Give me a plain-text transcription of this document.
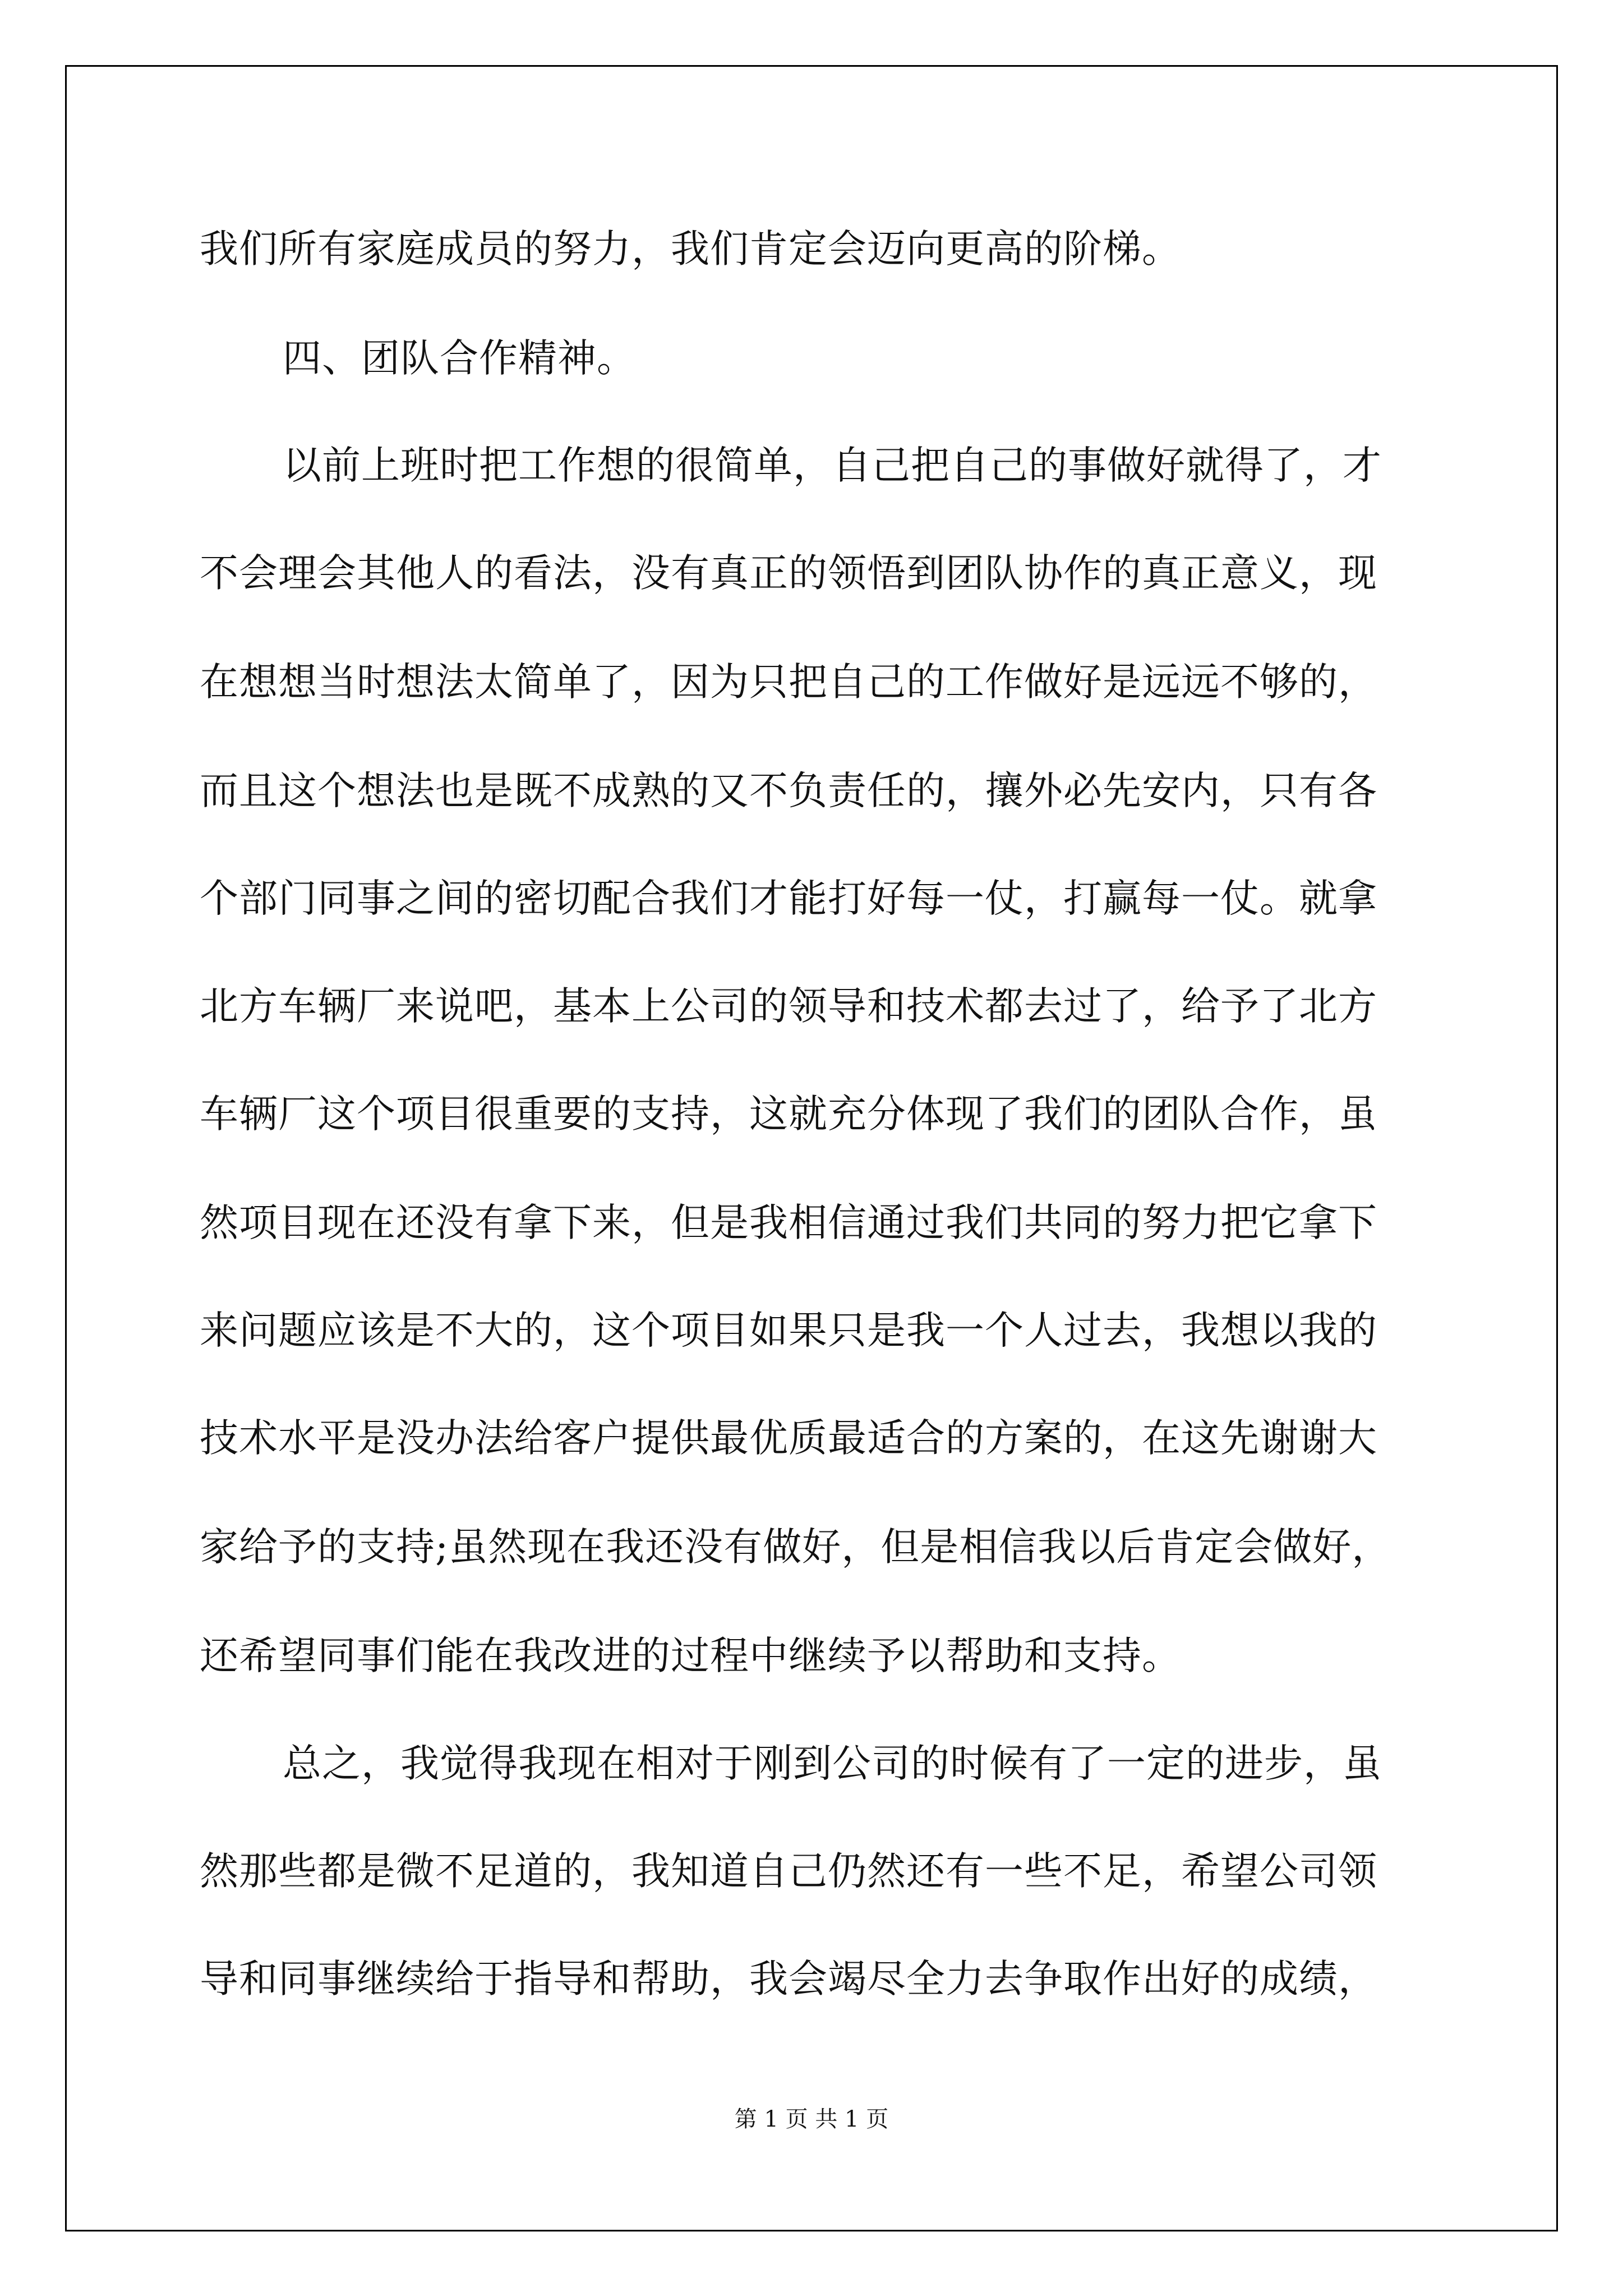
我们所有家庭成员的努力，我们肯定会迈向更高的阶梯。
四、团队合作精神。
以前上班时把工作想的很简单，自己把自己的事做好就得了，才
不会理会其他人的看法，没有真正的领悟到团队协作的真正意义，现
在想想当时想法太简单了，因为只把自己的工作做好是远远不够的，
而且这个想法也是既不成熟的又不负责任的，攘外必先安内，只有各
个部门同事之间的密切配合我们才能打好每一仗，打赢每一仗。就拿
北方车辆厂来说吧，基本上公司的领导和技术都去过了，给予了北方
车辆厂这个项目很重要的支持，这就充分体现了我们的团队合作，虽
然项目现在还没有拿下来，但是我相信通过我们共同的努力把它拿下
来问题应该是不大的，这个项目如果只是我一个人过去，我想以我的
技术水平是没办法给客户提供最优质最适合的方案的，在这先谢谢大
家给予的支持;虽然现在我还没有做好，但是相信我以后肯定会做好，
还希望同事们能在我改进的过程中继续予以帮助和支持。
总之，我觉得我现在相对于刚到公司的时候有了一定的进步，虽
然那些都是微不足道的，我知道自己仍然还有一些不足，希望公司领
导和同事继续给于指导和帮助，我会竭尽全力去争取作出好的成绩，
第 1 页 共 1 页
